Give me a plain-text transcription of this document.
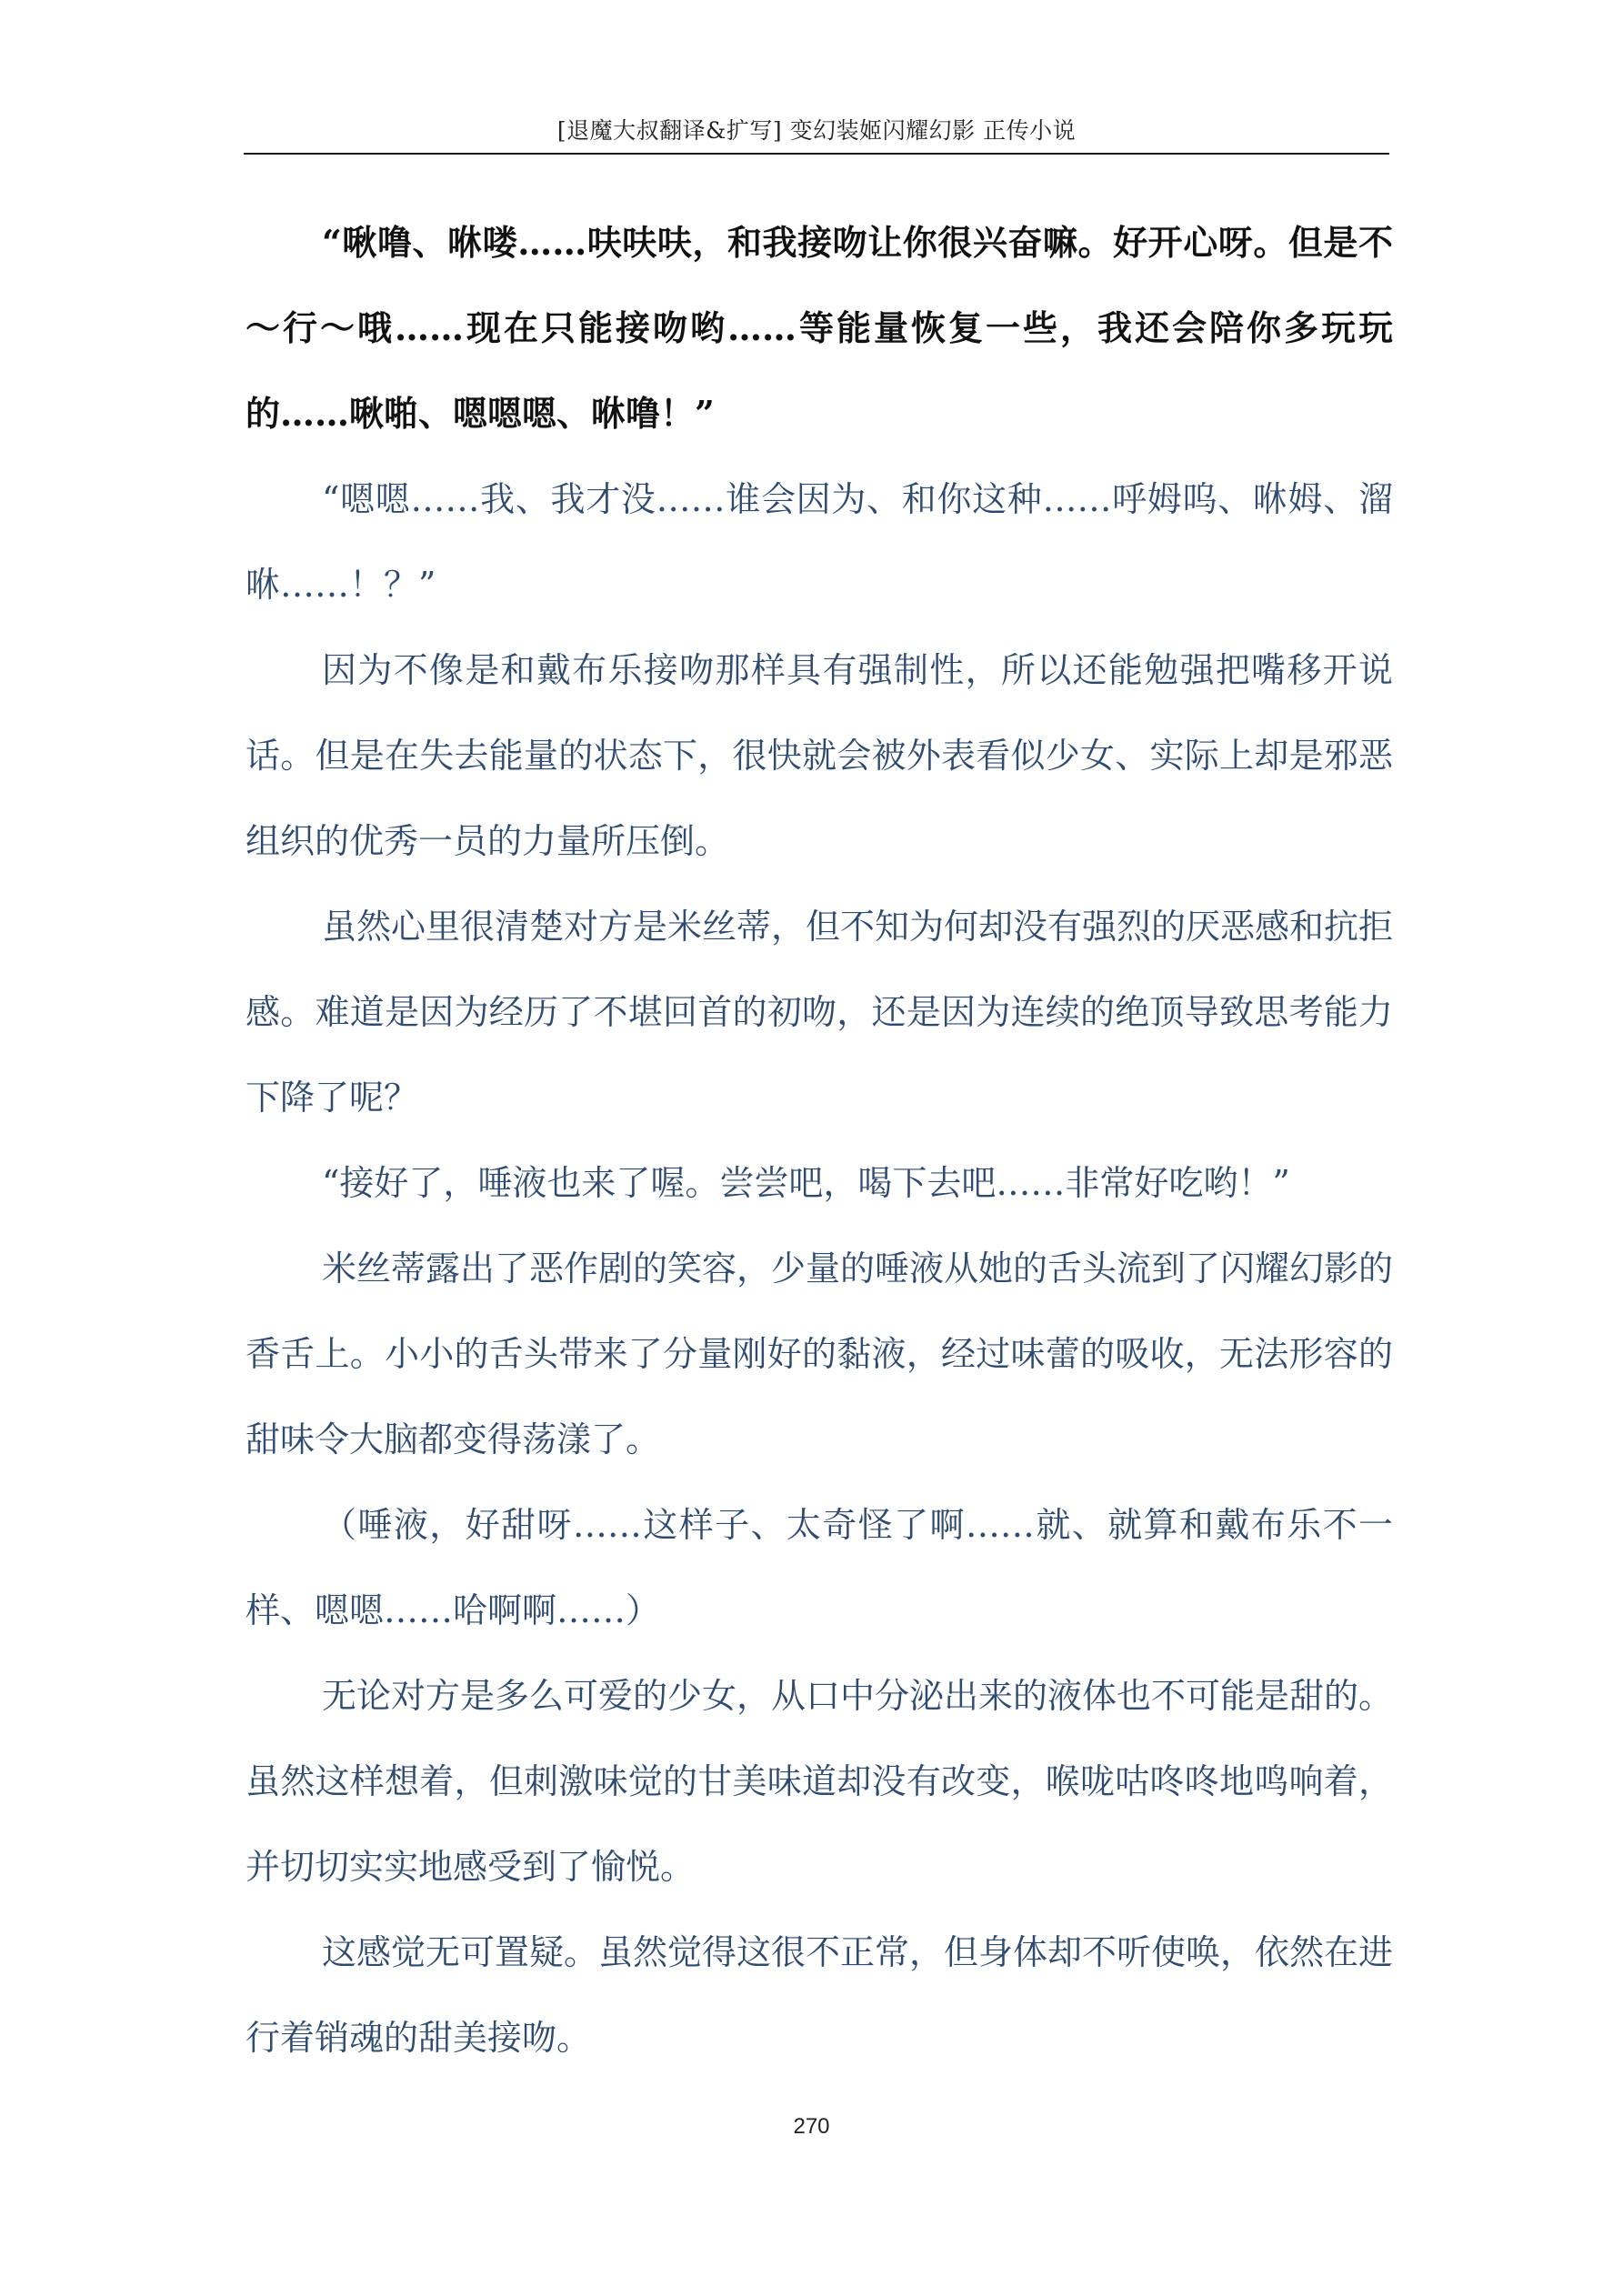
[退魔大叔翻译&扩写] 变幻装姬闪耀幻影 正传小说

“啾噜、咻喽……呋呋呋，和我接吻让你很兴奋嘛。好开心呀。但是不～行～哦……现在只能接吻哟……等能量恢复一些，我还会陪你多玩玩的……啾啪、嗯嗯嗯、咻噜！”

“嗯嗯……我、我才没……谁会因为、和你这种……呼姆呜、咻姆、溜咻……！？”

因为不像是和戴布乐接吻那样具有强制性，所以还能勉强把嘴移开说话。但是在失去能量的状态下，很快就会被外表看似少女、实际上却是邪恶组织的优秀一员的力量所压倒。

虽然心里很清楚对方是米丝蒂，但不知为何却没有强烈的厌恶感和抗拒感。难道是因为经历了不堪回首的初吻，还是因为连续的绝顶导致思考能力下降了呢？

“接好了，唾液也来了喔。尝尝吧，喝下去吧……非常好吃哟！”

米丝蒂露出了恶作剧的笑容，少量的唾液从她的舌头流到了闪耀幻影的香舌上。小小的舌头带来了分量刚好的黏液，经过味蕾的吸收，无法形容的甜味令大脑都变得荡漾了。

（唾液，好甜呀……这样子、太奇怪了啊……就、就算和戴布乐不一样、嗯嗯……哈啊啊……）

无论对方是多么可爱的少女，从口中分泌出来的液体也不可能是甜的。虽然这样想着，但刺激味觉的甘美味道却没有改变，喉咙咕咚咚地鸣响着，并切切实实地感受到了愉悦。

这感觉无可置疑。虽然觉得这很不正常，但身体却不听使唤，依然在进行着销魂的甜美接吻。

270
